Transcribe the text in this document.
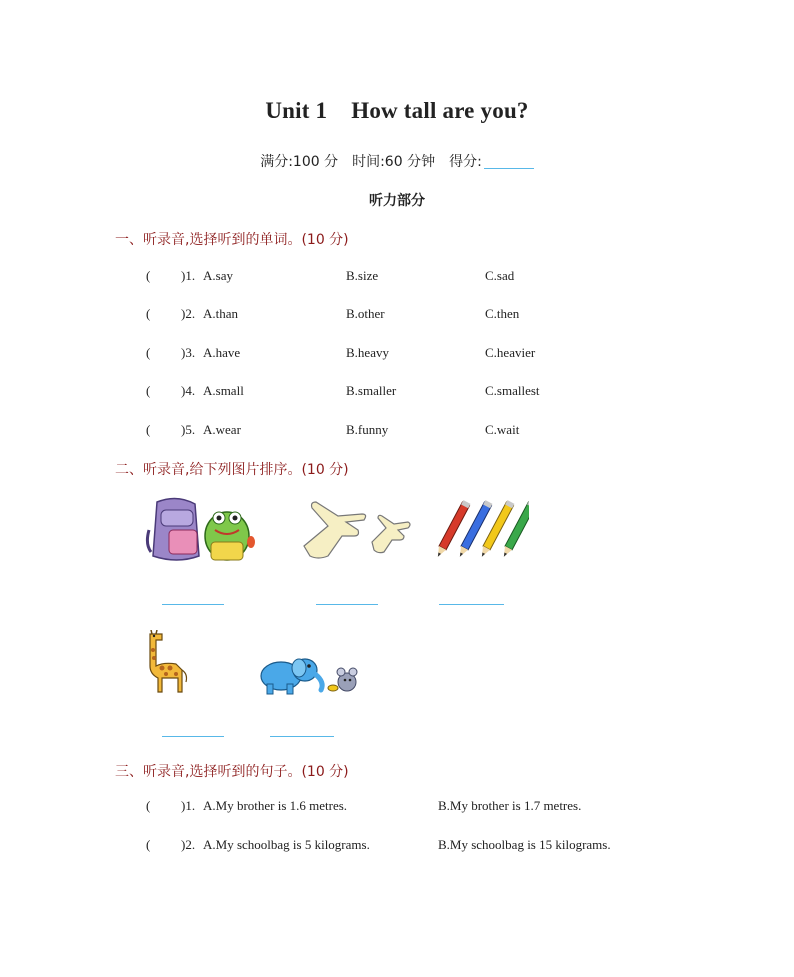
Unit 1 How tall are you?
满分:100 分 时间:60 分钟 得分:
听力部分
一、听录音,选择听到的单词。(10 分)
( )1. A.say	B.size	C.sad
( )2. A.than	B.other	C.then
( )3. A.have	B.heavy	C.heavier
( )4. A.small	B.smaller	C.smallest
( )5. A.wear	B.funny	C.wait
二、听录音,给下列图片排序。(10 分)
三、听录音,选择听到的句子。(10 分)
( )1. A.My brother is 1.6 metres.	B.My brother is 1.7 metres.
( )2. A.My schoolbag is 5 kilograms.	B.My schoolbag is 15 kilograms.
